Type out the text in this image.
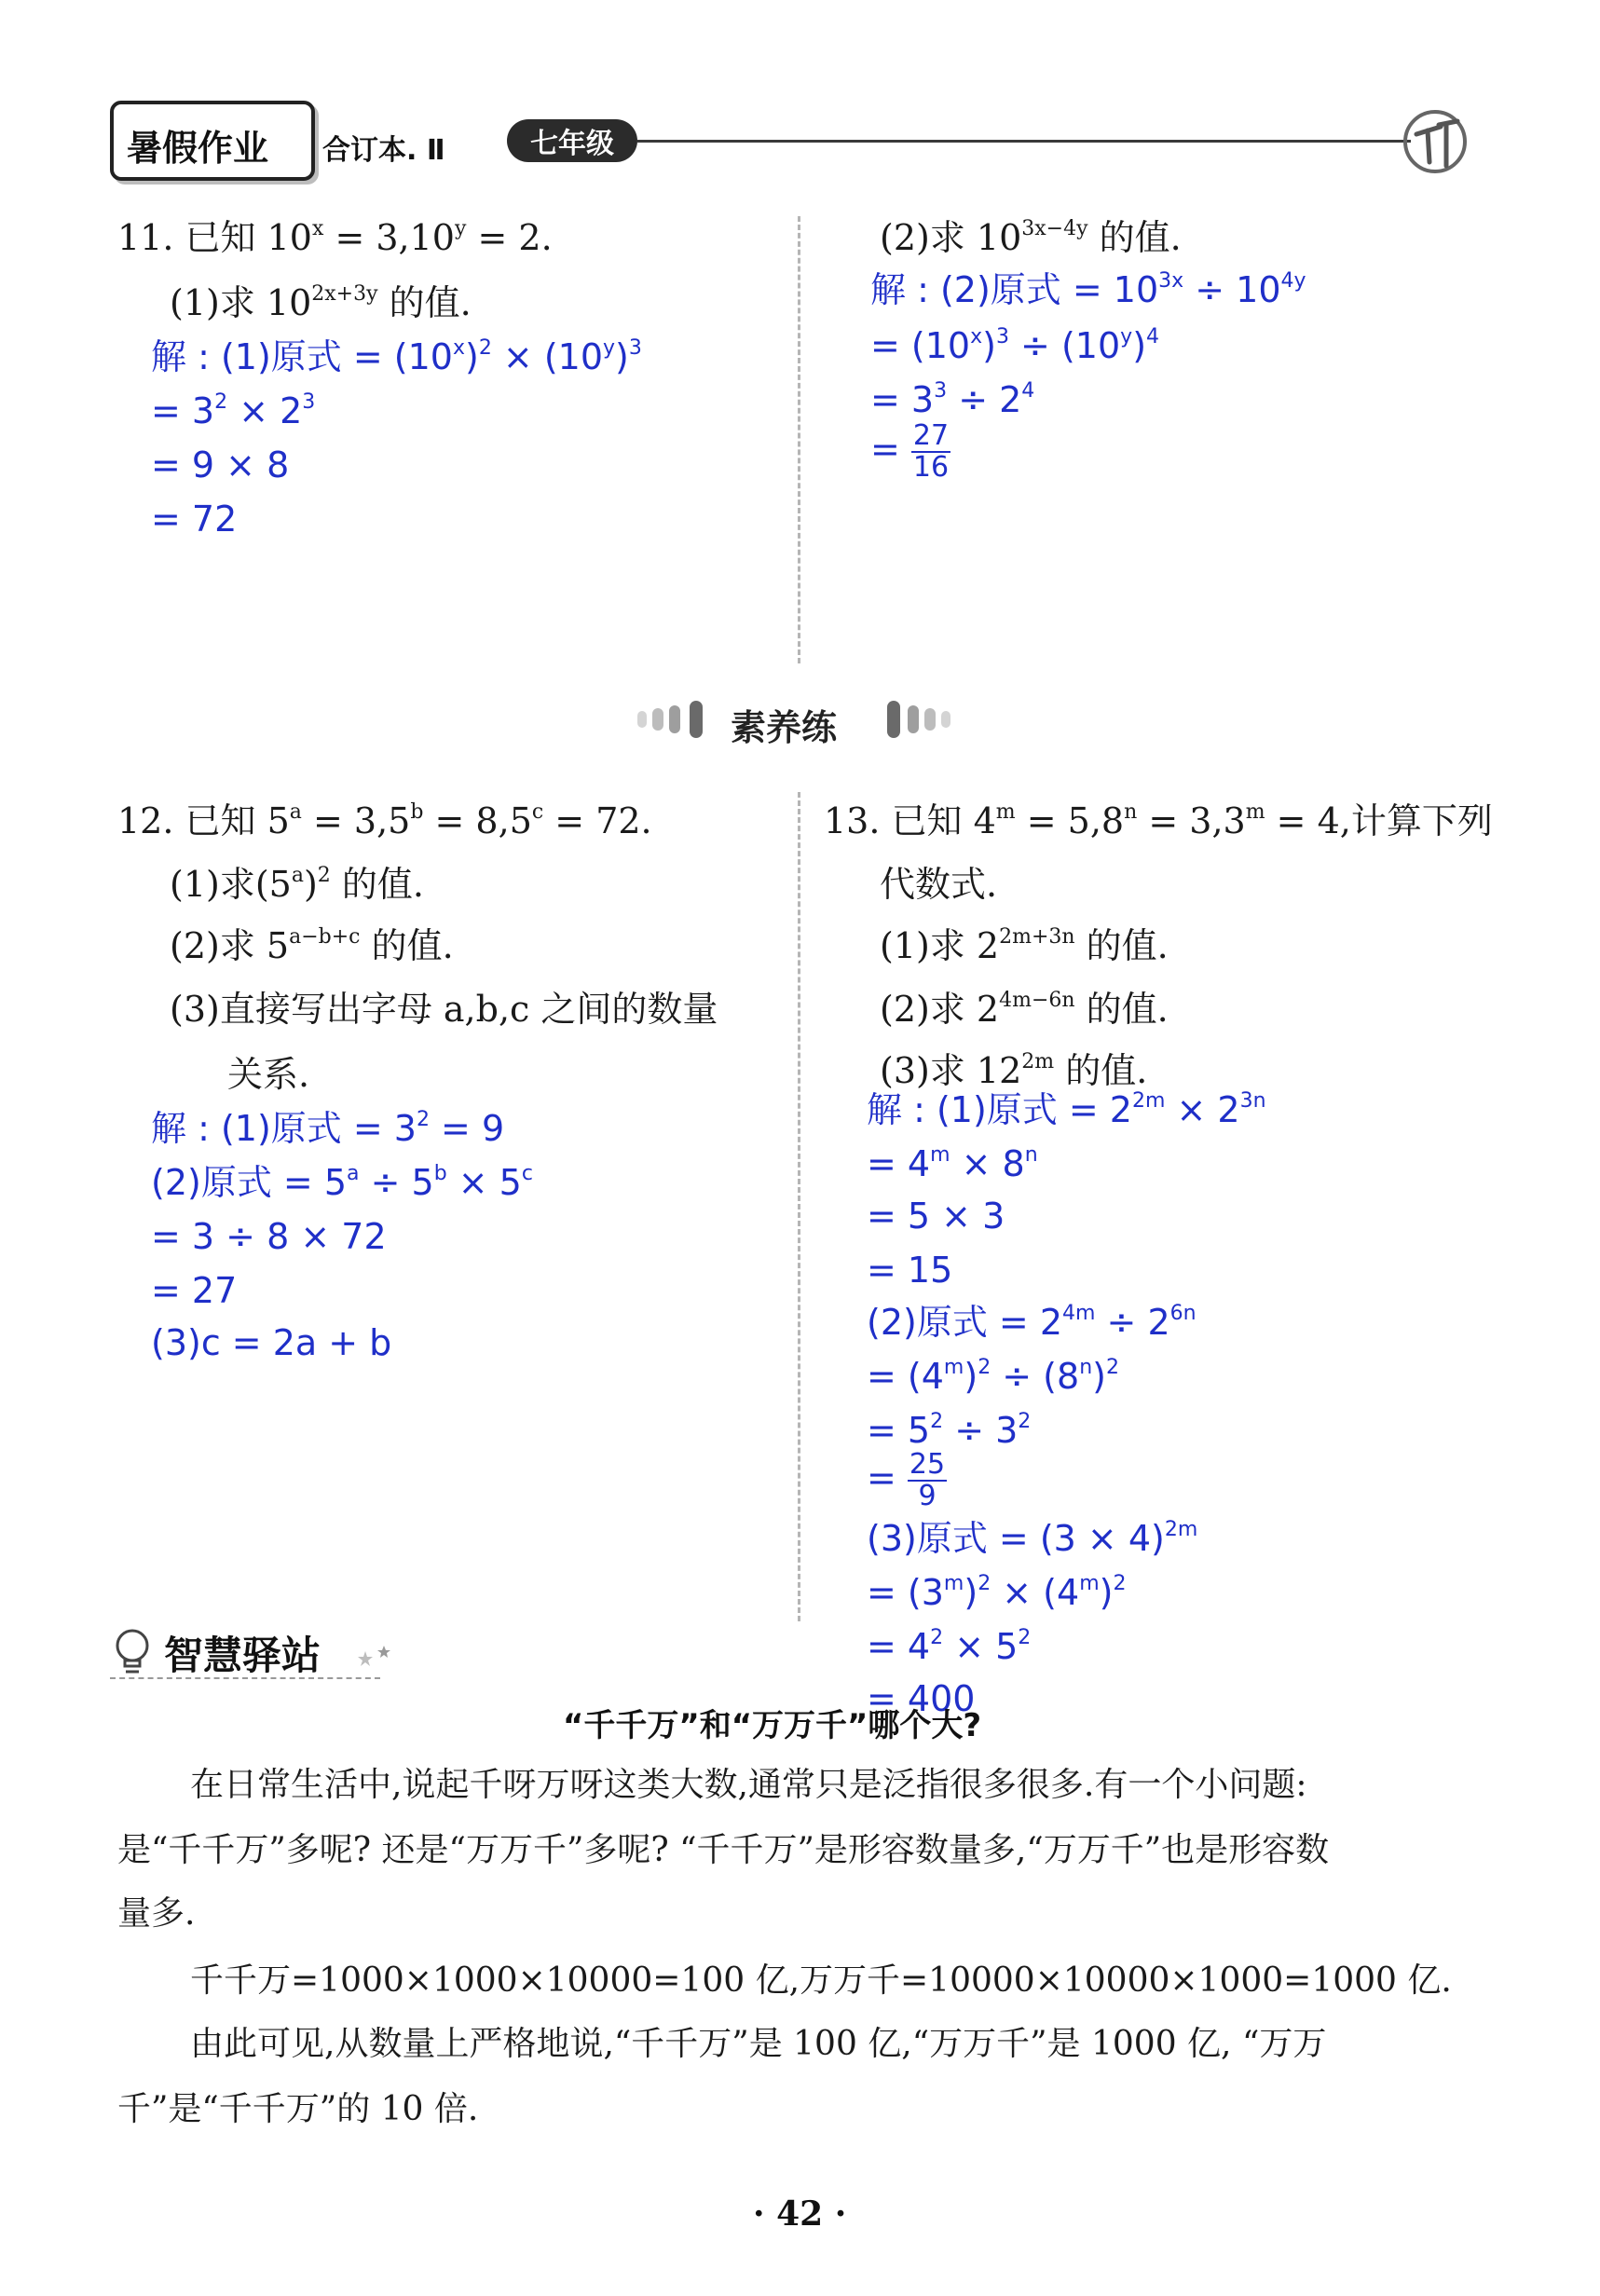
暑假作业 合订本. Ⅱ	七年级
11. 已知 $10^x = 3,10^y = 2$.
(1)求 $10^{2x+3y}$ 的值.
解 : (1)原式 = $(10^x)^2 \times (10^y)^3$
= $3^2 \times 2^3$
= 9 × 8
= 72
(2)求 $10^{3x-4y}$ 的值.
解 : (2)原式 = $10^{3x} \div 10^{4y}$
= $(10^x)^3 \div (10^y)^4$
= $3^3 \div 2^4$
= $\frac{27}{16}$
素养练
12. 已知 $5^a = 3,5^b = 8,5^c = 72$.
(1)求$(5^a)^2$ 的值.
(2)求 $5^{a-b+c}$ 的值.
(3)直接写出字母 a,b,c 之间的数量
关系.
解 : (1)原式 = $3^2 = 9$
(2)原式 = $5^a \div 5^b \times 5^c$
= 3 ÷ 8 × 72
= 27
(3)c = 2a + b
13. 已知 $4^m = 5,8^n = 3,3^m = 4$,计算下列
代数式.
(1)求 $2^{2m+3n}$ 的值.
(2)求 $2^{4m-6n}$ 的值.
(3)求 $12^{2m}$ 的值.
解 : (1)原式 = $2^{2m} \times 2^{3n}$
= $4^m \times 8^n$
= 5 × 3
= 15
(2)原式 = $2^{4m} \div 2^{6n}$
= $(4^m)^2 \div (8^n)^2$
= $5^2 \div 3^2$
= $\frac{25}{9}$
(3)原式 = $(3 \times 4)^{2m}$
= $(3^m)^2 \times (4^m)^2$
= $4^2 \times 5^2$
= 400
智慧驿站
“千千万”和“万万千”哪个大?
在日常生活中,说起千呀万呀这类大数,通常只是泛指很多很多.有一个小问题:
是“千千万”多呢? 还是“万万千”多呢? “千千万”是形容数量多,“万万千”也是形容数
量多.
千千万=1000×1000×10000=100 亿,万万千=10000×10000×1000=1000 亿.
由此可见,从数量上严格地说,“千千万”是 100 亿,“万万千”是 1000 亿, “万万
千”是“千千万”的 10 倍.
· 42 ·
